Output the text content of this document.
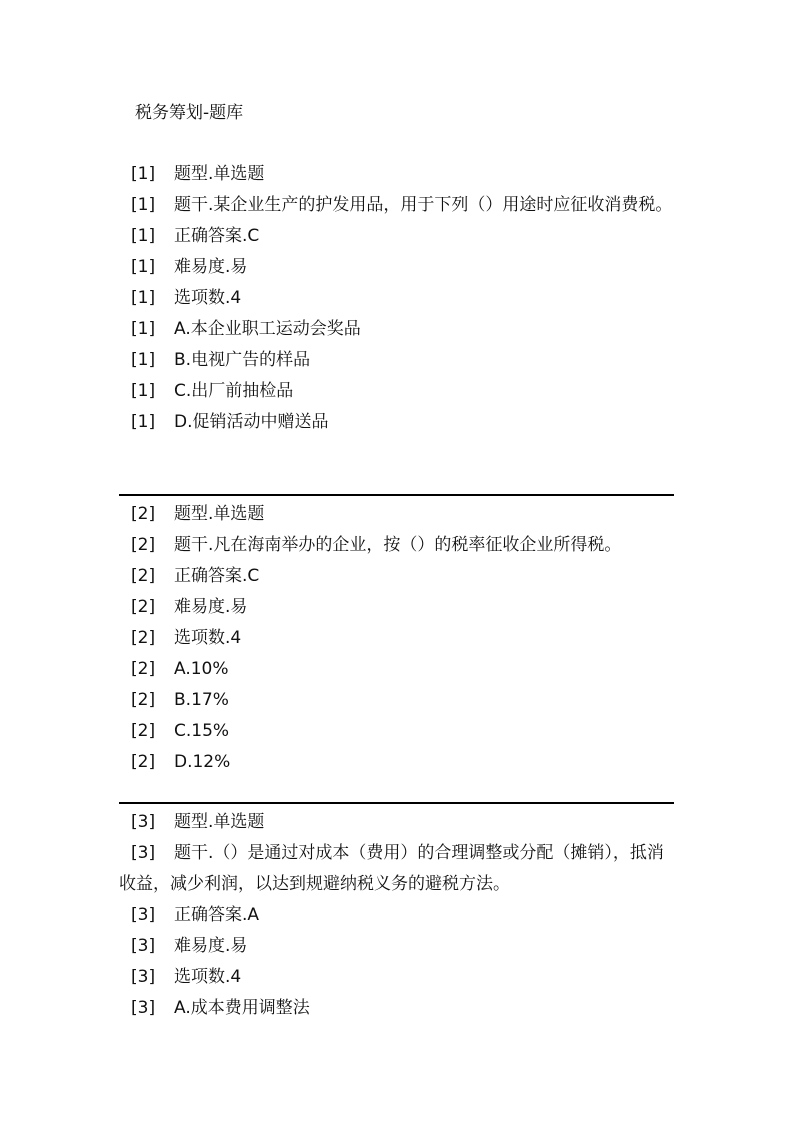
税务筹划-题库

[1] 题型.单选题

[1] 题干.某企业生产的护发用品，用于下列（）用途时应征收消费税。

[1] 正确答案.C

[1] 难易度.易

[1] 选项数.4

[1] A.本企业职工运动会奖品

[1] B.电视广告的样品

[1] C.出厂前抽检品

[1] D.促销活动中赠送品

[2] 题型.单选题

[2] 题干.凡在海南举办的企业，按（）的税率征收企业所得税。

[2] 正确答案.C

[2] 难易度.易

[2] 选项数.4

[2] A.10%

[2] B.17%

[2] C.15%

[2] D.12%

[3] 题型.单选题

[3] 题干.（）是通过对成本（费用）的合理调整或分配（摊销），抵消收益，减少利润，以达到规避纳税义务的避税方法。

[3] 正确答案.A

[3] 难易度.易

[3] 选项数.4

[3] A.成本费用调整法
